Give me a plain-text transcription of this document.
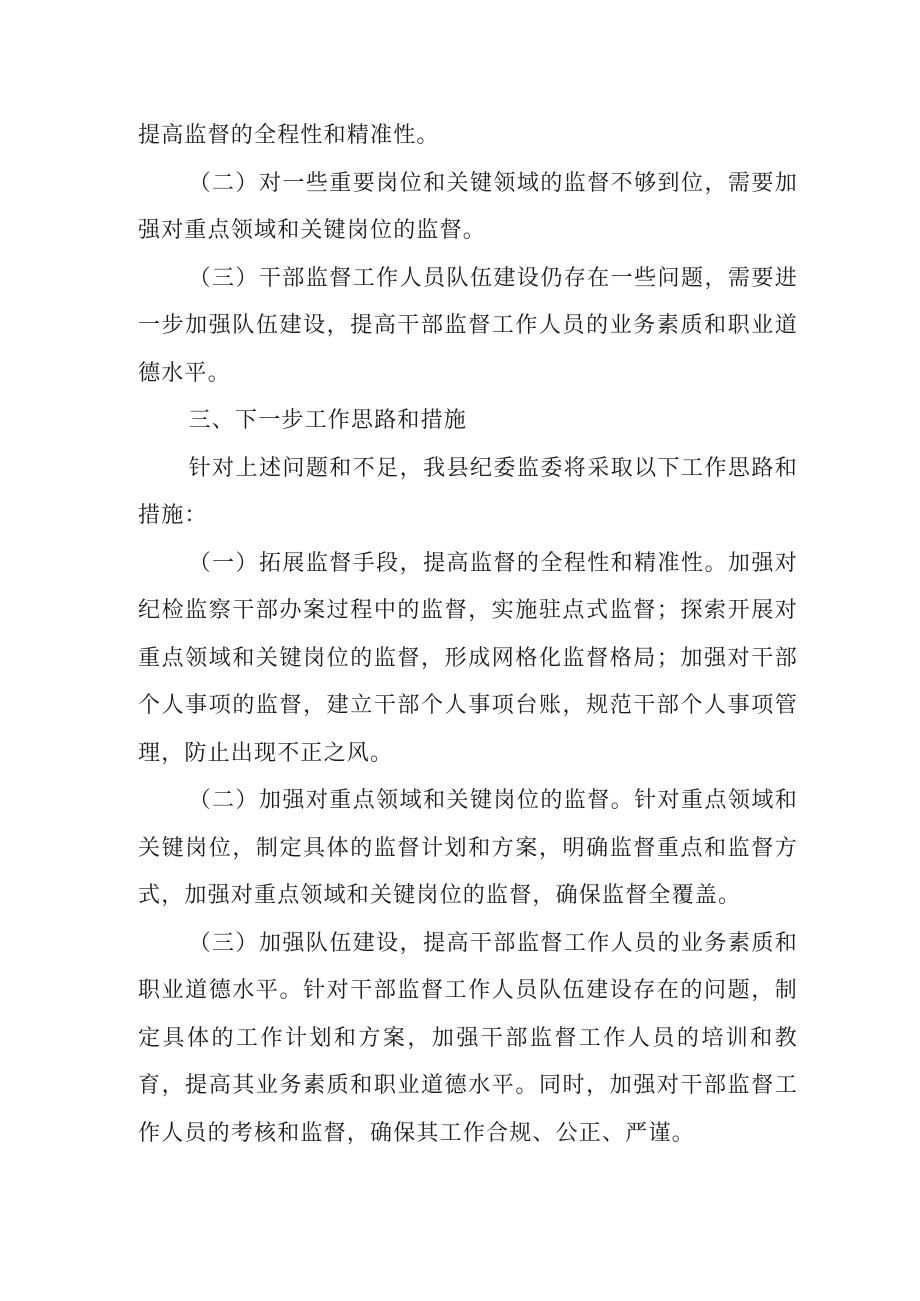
提高监督的全程性和精准性。

（二）对一些重要岗位和关键领域的监督不够到位，需要加强对重点领域和关键岗位的监督。

（三）干部监督工作人员队伍建设仍存在一些问题，需要进一步加强队伍建设，提高干部监督工作人员的业务素质和职业道德水平。

三、下一步工作思路和措施

针对上述问题和不足，我县纪委监委将采取以下工作思路和措施：

（一）拓展监督手段，提高监督的全程性和精准性。加强对纪检监察干部办案过程中的监督，实施驻点式监督；探索开展对重点领域和关键岗位的监督，形成网格化监督格局；加强对干部个人事项的监督，建立干部个人事项台账，规范干部个人事项管理，防止出现不正之风。

（二）加强对重点领域和关键岗位的监督。针对重点领域和关键岗位，制定具体的监督计划和方案，明确监督重点和监督方式，加强对重点领域和关键岗位的监督，确保监督全覆盖。

（三）加强队伍建设，提高干部监督工作人员的业务素质和职业道德水平。针对干部监督工作人员队伍建设存在的问题，制定具体的工作计划和方案，加强干部监督工作人员的培训和教育，提高其业务素质和职业道德水平。同时，加强对干部监督工作人员的考核和监督，确保其工作合规、公正、严谨。
